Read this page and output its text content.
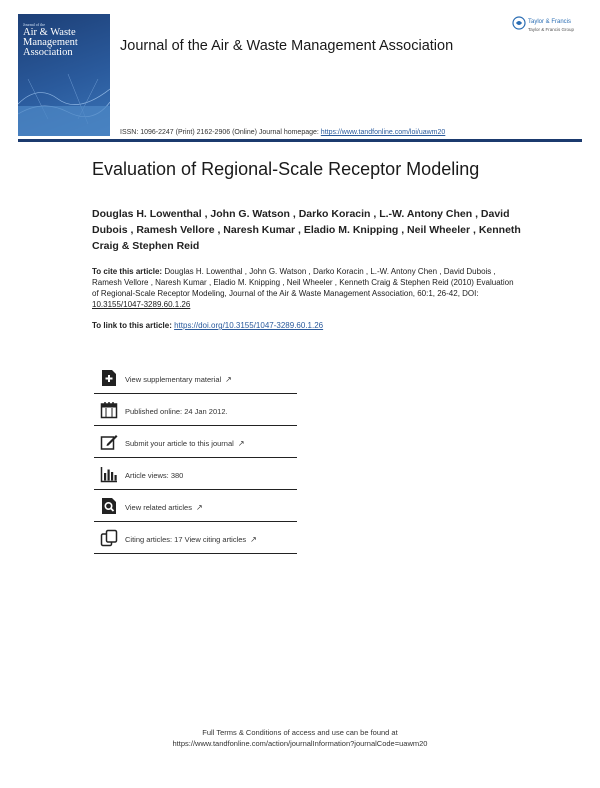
Journal of the
Air & Waste Management Association	Journal of the Air & Waste Management Association
Taylor & Francis
Taylor & Francis Group
ISSN: 1096-2247 (Print) 2162-2906 (Online) Journal homepage: https://www.tandfonline.com/loi/uawm20
Evaluation of Regional-Scale Receptor Modeling
Douglas H. Lowenthal , John G. Watson , Darko Koracin , L.-W. Antony Chen , David Dubois , Ramesh Vellore , Naresh Kumar , Eladio M. Knipping , Neil Wheeler , Kenneth Craig & Stephen Reid
To cite this article: Douglas H. Lowenthal , John G. Watson , Darko Koracin , L.-W. Antony Chen , David Dubois , Ramesh Vellore , Naresh Kumar , Eladio M. Knipping , Neil Wheeler , Kenneth Craig & Stephen Reid (2010) Evaluation of Regional-Scale Receptor Modeling, Journal of the Air & Waste Management Association, 60:1, 26-42, DOI: 10.3155/1047-3289.60.1.26
To link to this article: https://doi.org/10.3155/1047-3289.60.1.26
View supplementary material ↗
Published online: 24 Jan 2012.
Submit your article to this journal ↗
Article views: 380
View related articles ↗
Citing articles: 17 View citing articles ↗
Full Terms & Conditions of access and use can be found at
https://www.tandfonline.com/action/journalInformation?journalCode=uawm20
